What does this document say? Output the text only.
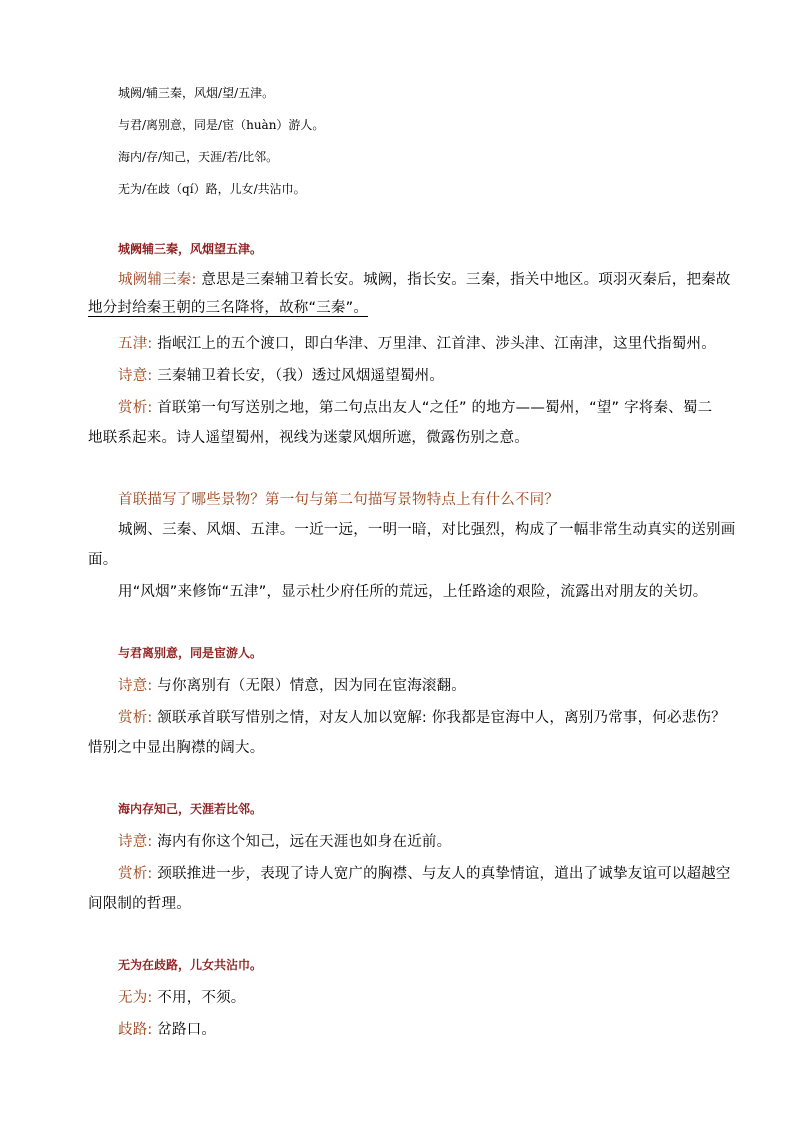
城阙/辅三秦，风烟/望/五津。
与君/离别意，同是/宦（huàn）游人。
海内/存/知己，天涯/若/比邻。
无为/在歧（qí）路，儿女/共沾巾。
城阙辅三秦，风烟望五津。
城阙辅三秦: 意思是三秦辅卫着长安。城阙，指长安。三秦，指关中地区。项羽灭秦后，把秦故
地分封给秦王朝的三名降将，故称“三秦”。
五津: 指岷江上的五个渡口，即白华津、万里津、江首津、涉头津、江南津，这里代指蜀州。
诗意: 三秦辅卫着长安，（我）透过风烟遥望蜀州。
赏析: 首联第一句写送别之地，第二句点出友人“之任” 的地方——蜀州，“望” 字将秦、蜀二
地联系起来。诗人遥望蜀州，视线为迷蒙风烟所遮，微露伤别之意。
首联描写了哪些景物？第一句与第二句描写景物特点上有什么不同？
城阙、三秦、风烟、五津。一近一远，一明一暗，对比强烈，构成了一幅非常生动真实的送别画
面。
用“风烟”来修饰“五津”，显示杜少府任所的荒远，上任路途的艰险，流露出对朋友的关切。
与君离别意，同是宦游人。
诗意: 与你离别有（无限）情意，因为同在宦海滚翻。
赏析: 颔联承首联写惜别之情，对友人加以宽解: 你我都是宦海中人，离别乃常事，何必悲伤？
惜别之中显出胸襟的阔大。
海内存知己，天涯若比邻。
诗意: 海内有你这个知己，远在天涯也如身在近前。
赏析: 颈联推进一步，表现了诗人宽广的胸襟、与友人的真挚情谊，道出了诚挚友谊可以超越空
间限制的哲理。
无为在歧路，儿女共沾巾。
无为: 不用，不须。
歧路: 岔路口。
